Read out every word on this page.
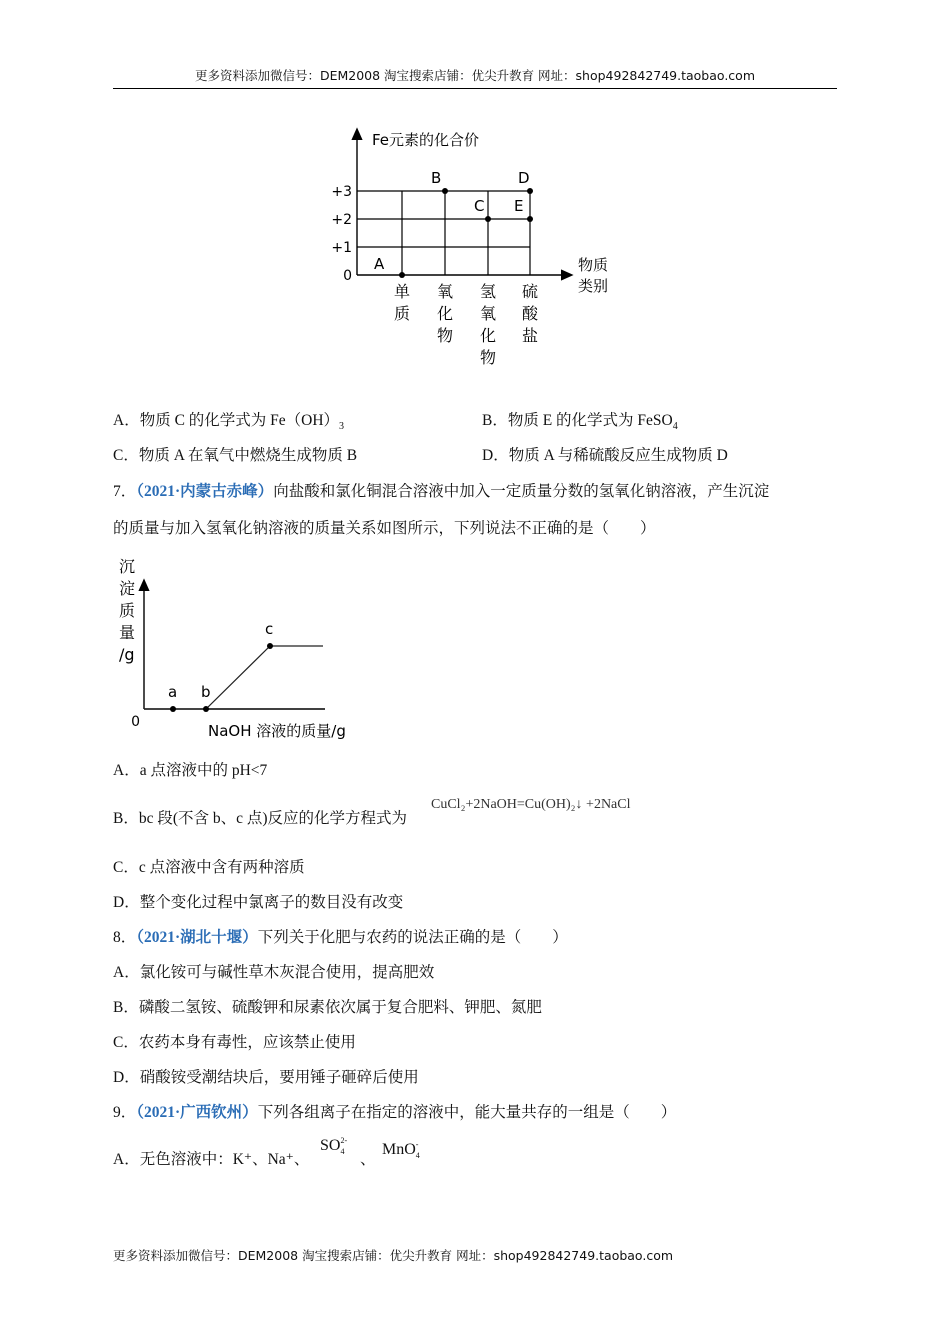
更多资料添加微信号：DEM2008 淘宝搜索店铺：优尖升教育 网址：shop492842749.taobao.com
Fe元素的化合价
物质
类别
+3
+2
+1
0
单
质
氧
化
物
氢
氧
化
物
硫
酸
盐
A
B
C
D
E
A．物质 C 的化学式为 $Fe(OH)_3$	B．物质 E 的化学式为 FeSO$_4$
C．物质 A 在氧气中燃烧生成物质 B	D．物质 A 与稀硫酸反应生成物质 D
7．（2021·内蒙古赤峰）向盐酸和氯化铜混合溶液中加入一定质量分数的氢氧化钠溶液，产生沉淀
的质量与加入氢氧化钠溶液的质量关系如图所示，下列说法不正确的是（　　）
沉
淀
质
量
/g
0	NaOH 溶液的质量/g
a b
c
A．a 点溶液中的 pH<7
B．bc 段(不含 b、c 点)反应的化学方程式为
CuCl₂+2NaOH=Cu(OH)₂↓ +2NaCl
C．c 点溶液中含有两种溶质
D．整个变化过程中氯离子的数目没有改变
8．（2021·湖北十堰）下列关于化肥与农药的说法正确的是（　　）
A．氯化铵可与碱性草木灰混合使用，提高肥效
B．磷酸二氢铵、硫酸钾和尿素依次属于复合肥料、钾肥、氮肥
C．农药本身有毒性，应该禁止使用
D．硝酸铵受潮结块后，要用锤子砸碎后使用
9．（2021·广西钦州）下列各组离子在指定的溶液中，能大量共存的一组是（　　）
A．无色溶液中：K⁺、Na⁺、
SO 2-
4 、
MnO -
4
更多资料添加微信号：DEM2008 淘宝搜索店铺：优尖升教育 网址：shop492842749.taobao.com
